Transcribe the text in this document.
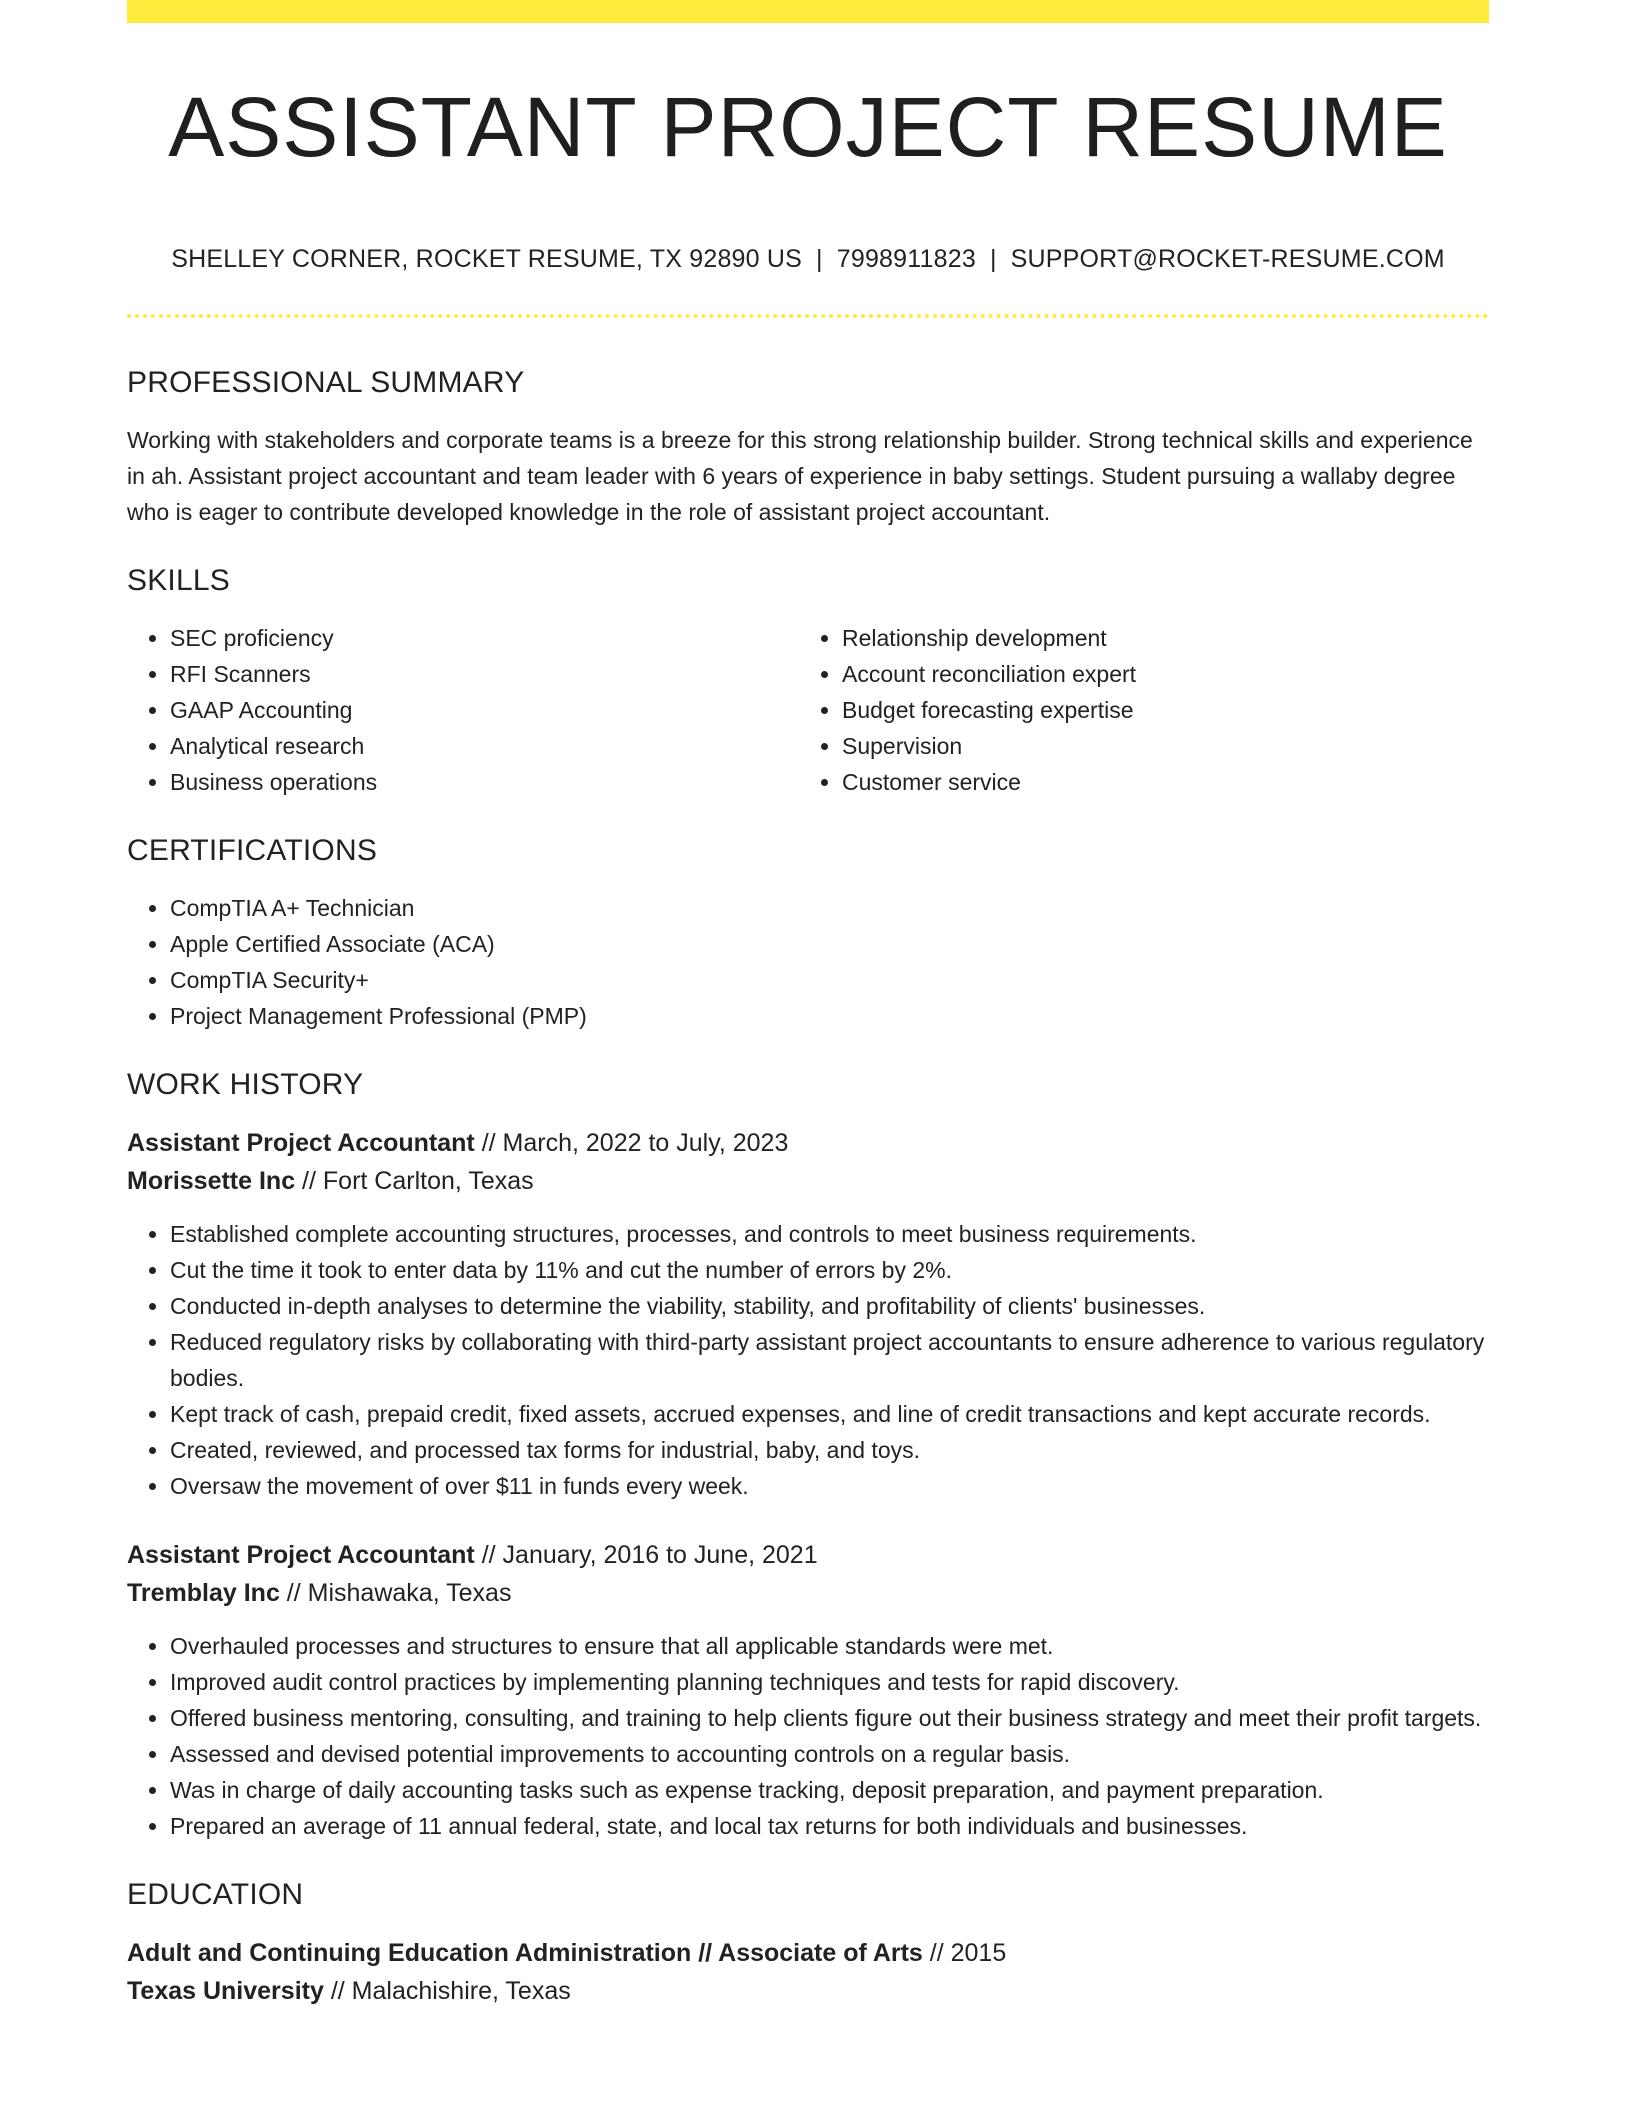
ASSISTANT PROJECT RESUME
SHELLEY CORNER, ROCKET RESUME, TX 92890 US | 7998911823 | SUPPORT@ROCKET-RESUME.COM
PROFESSIONAL SUMMARY
Working with stakeholders and corporate teams is a breeze for this strong relationship builder. Strong technical skills and experience in ah. Assistant project accountant and team leader with 6 years of experience in baby settings. Student pursuing a wallaby degree who is eager to contribute developed knowledge in the role of assistant project accountant.
SKILLS
• SEC proficiency
• RFI Scanners
• GAAP Accounting
• Analytical research
• Business operations
• Relationship development
• Account reconciliation expert
• Budget forecasting expertise
• Supervision
• Customer service
CERTIFICATIONS
• CompTIA A+ Technician
• Apple Certified Associate (ACA)
• CompTIA Security+
• Project Management Professional (PMP)
WORK HISTORY
Assistant Project Accountant // March, 2022 to July, 2023
Morissette Inc // Fort Carlton, Texas
• Established complete accounting structures, processes, and controls to meet business requirements.
• Cut the time it took to enter data by 11% and cut the number of errors by 2%.
• Conducted in-depth analyses to determine the viability, stability, and profitability of clients' businesses.
• Reduced regulatory risks by collaborating with third-party assistant project accountants to ensure adherence to various regulatory bodies.
• Kept track of cash, prepaid credit, fixed assets, accrued expenses, and line of credit transactions and kept accurate records.
• Created, reviewed, and processed tax forms for industrial, baby, and toys.
• Oversaw the movement of over $11 in funds every week.
Assistant Project Accountant // January, 2016 to June, 2021
Tremblay Inc // Mishawaka, Texas
• Overhauled processes and structures to ensure that all applicable standards were met.
• Improved audit control practices by implementing planning techniques and tests for rapid discovery.
• Offered business mentoring, consulting, and training to help clients figure out their business strategy and meet their profit targets.
• Assessed and devised potential improvements to accounting controls on a regular basis.
• Was in charge of daily accounting tasks such as expense tracking, deposit preparation, and payment preparation.
• Prepared an average of 11 annual federal, state, and local tax returns for both individuals and businesses.
EDUCATION
Adult and Continuing Education Administration // Associate of Arts // 2015
Texas University // Malachishire, Texas
